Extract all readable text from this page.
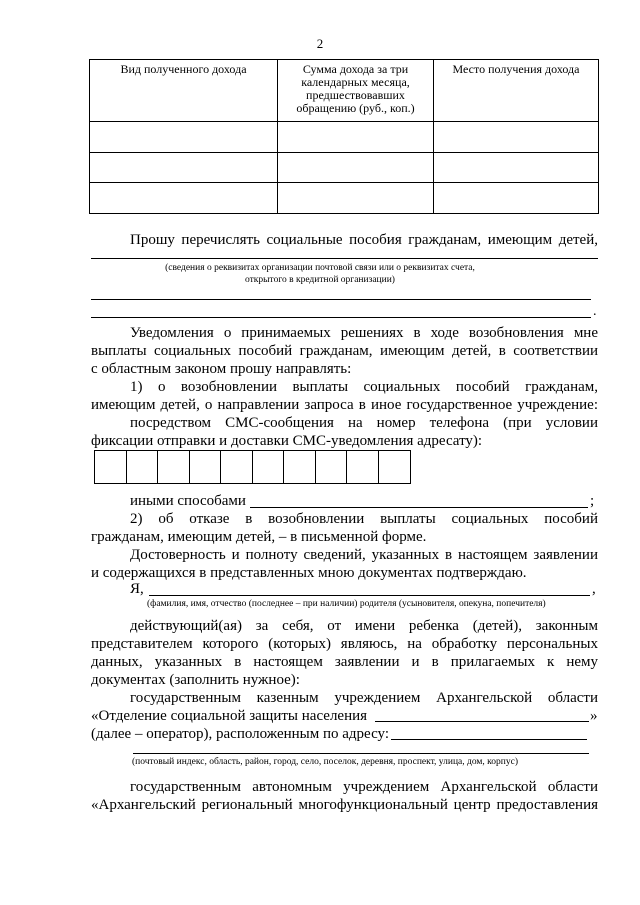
2
Вид полученного дохода	Сумма дохода за три календарных месяца, предшествовавших обращению (руб., коп.)	Место получения дохода

Прошу перечислять социальные пособия гражданам, имеющим детей,
(сведения о реквизитах организации почтовой связи или о реквизитах счета,
открытого в кредитной организации)
.
Уведомления о принимаемых решениях в ходе возобновления мне
выплаты социальных пособий гражданам, имеющим детей, в соответствии
с областным законом прошу направлять:
1) о возобновлении выплаты социальных пособий гражданам,
имеющим детей, о направлении запроса в иное государственное учреждение:
посредством СМС-сообщения на номер телефона (при условии
фиксации отправки и доставки СМС-уведомления адресату):
иными способами	;
2) об отказе в возобновлении выплаты социальных пособий
гражданам, имеющим детей, – в письменной форме.
Достоверность и полноту сведений, указанных в настоящем заявлении
и содержащихся в представленных мною документах подтверждаю.
Я,	,
(фамилия, имя, отчество (последнее – при наличии) родителя (усыновителя, опекуна, попечителя)
действующий(ая) за себя, от имени ребенка (детей), законным
представителем которого (которых) являюсь, на обработку персональных
данных, указанных в настоящем заявлении и в прилагаемых к нему
документах (заполнить нужное):
государственным казенным учреждением Архангельской области
«Отделение социальной защиты населения	»
(далее – оператор), расположенным по адресу:
(почтовый индекс, область, район, город, село, поселок, деревня, проспект, улица, дом, корпус)
государственным автономным учреждением Архангельской области
«Архангельский региональный многофункциональный центр предоставления
